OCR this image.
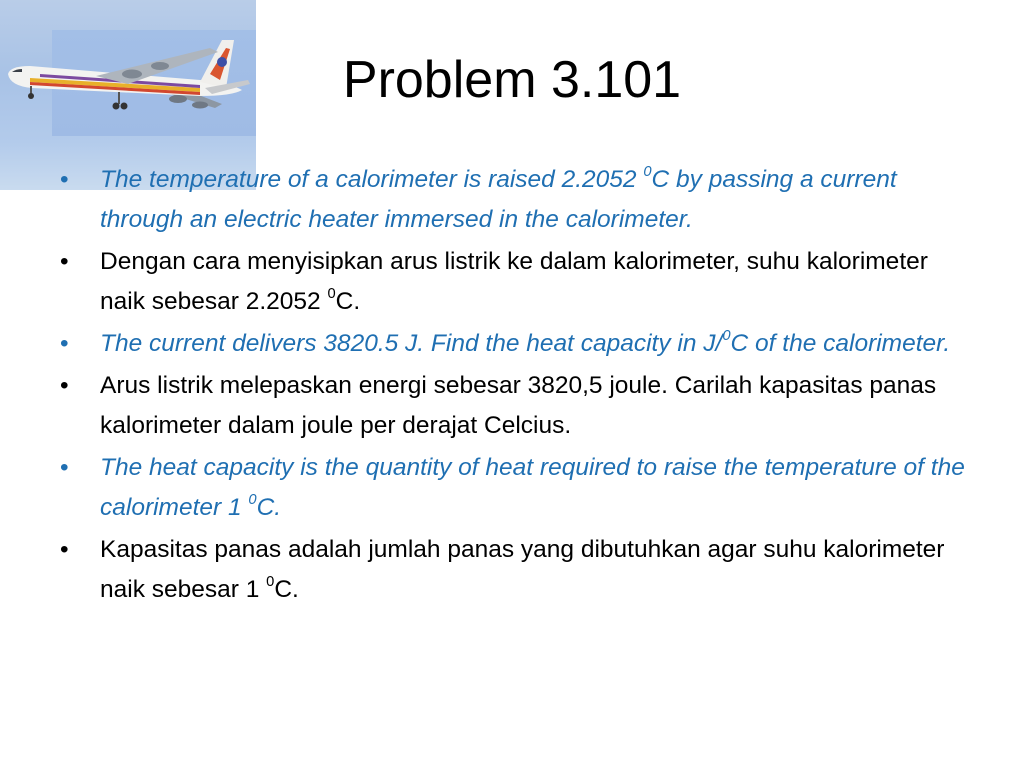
Problem 3.101
• The temperature of a calorimeter is raised 2.2052 $^0$C by passing a current through an electric heater immersed in the calorimeter.
• Dengan cara menyisipkan arus listrik ke dalam kalorimeter, suhu kalorimeter naik sebesar 2.2052 $^0$C.
• The current delivers 3820.5 J. Find the heat capacity in J/$^0$C of the calorimeter.
• Arus listrik melepaskan energi sebesar 3820,5 joule. Carilah kapasitas panas kalorimeter dalam joule per derajat Celcius.
• The heat capacity is the quantity of heat required to raise the temperature of the calorimeter 1 $^0$C.
• Kapasitas panas adalah jumlah panas yang dibutuhkan agar suhu kalorimeter naik sebesar 1 $^0$C.
